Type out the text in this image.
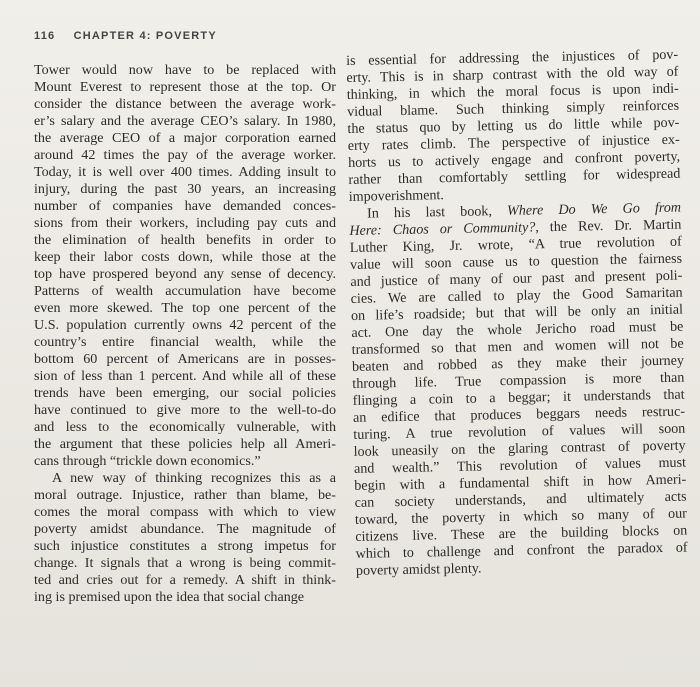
116 CHAPTER 4: POVERTY
Tower would now have to be replaced with
Mount Everest to represent those at the top. Or
consider the distance between the average work-
er’s salary and the average CEO’s salary. In 1980,
the average CEO of a major corporation earned
around 42 times the pay of the average worker.
Today, it is well over 400 times. Adding insult to
injury, during the past 30 years, an increasing
number of companies have demanded conces-
sions from their workers, including pay cuts and
the elimination of health benefits in order to
keep their labor costs down, while those at the
top have prospered beyond any sense of decency.
Patterns of wealth accumulation have become
even more skewed. The top one percent of the
U.S. population currently owns 42 percent of the
country’s entire financial wealth, while the
bottom 60 percent of Americans are in posses-
sion of less than 1 percent. And while all of these
trends have been emerging, our social policies
have continued to give more to the well-to-do
and less to the economically vulnerable, with
the argument that these policies help all Ameri-
cans through “trickle down economics.”
A new way of thinking recognizes this as a
moral outrage. Injustice, rather than blame, be-
comes the moral compass with which to view
poverty amidst abundance. The magnitude of
such injustice constitutes a strong impetus for
change. It signals that a wrong is being commit-
ted and cries out for a remedy. A shift in think-
ing is premised upon the idea that social change
is essential for addressing the injustices of pov-
erty. This is in sharp contrast with the old way of
thinking, in which the moral focus is upon indi-
vidual blame. Such thinking simply reinforces
the status quo by letting us do little while pov-
erty rates climb. The perspective of injustice ex-
horts us to actively engage and confront poverty,
rather than comfortably settling for widespread
impoverishment.
In his last book, Where Do We Go from
Here: Chaos or Community?, the Rev. Dr. Martin
Luther King, Jr. wrote, “A true revolution of
value will soon cause us to question the fairness
and justice of many of our past and present poli-
cies. We are called to play the Good Samaritan
on life’s roadside; but that will be only an initial
act. One day the whole Jericho road must be
transformed so that men and women will not be
beaten and robbed as they make their journey
through life. True compassion is more than
flinging a coin to a beggar; it understands that
an edifice that produces beggars needs restruc-
turing. A true revolution of values will soon
look uneasily on the glaring contrast of poverty
and wealth.” This revolution of values must
begin with a fundamental shift in how Ameri-
can society understands, and ultimately acts
toward, the poverty in which so many of our
citizens live. These are the building blocks on
which to challenge and confront the paradox of
poverty amidst plenty.
